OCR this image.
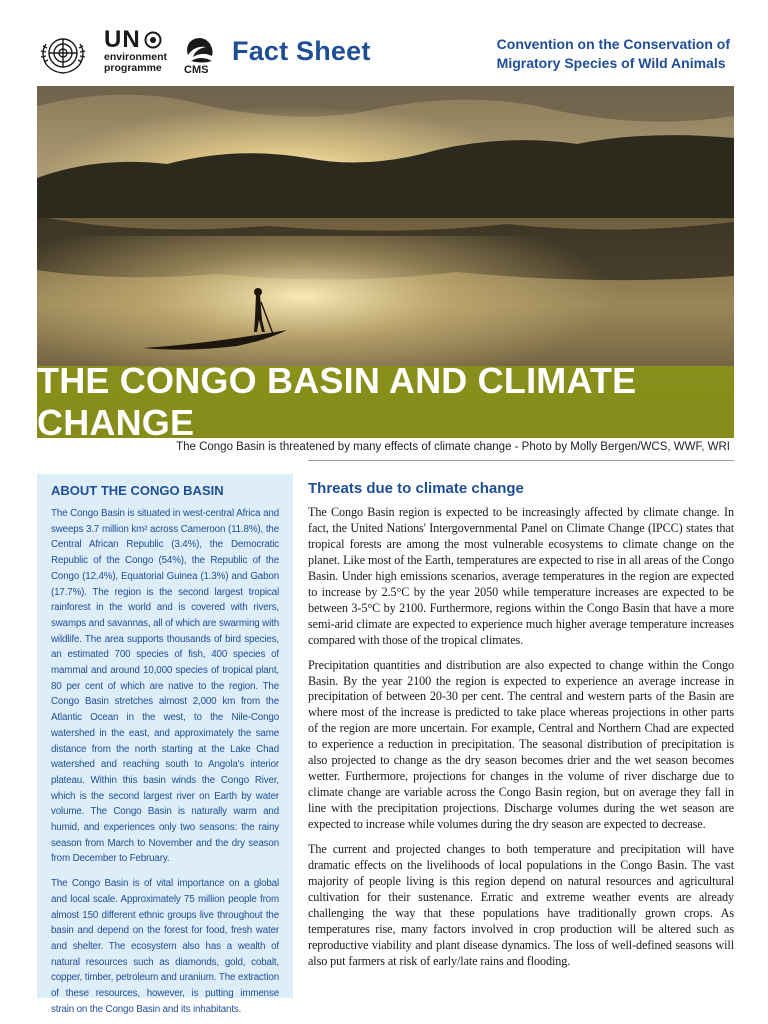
UN
environment
programme	CMS
Fact Sheet	Convention on the Conservation of
Migratory Species of Wild Animals
THE CONGO BASIN AND CLIMATE CHANGE
The Congo Basin is threatened by many effects of climate change - Photo by Molly Bergen/WCS, WWF, WRI
ABOUT THE CONGO BASIN

The Congo Basin is situated in west-central Africa and sweeps 3.7 million km² across Cameroon (11.8%), the Central African Republic (3.4%), the Democratic Republic of the Congo (54%), the Republic of the Congo (12.4%), Equatorial Guinea (1.3%) and Gabon (17.7%). The region is the second largest tropical rainforest in the world and is covered with rivers, swamps and savannas, all of which are swarming with wildlife. The area supports thousands of bird species, an estimated 700 species of fish, 400 species of mammal and around 10,000 species of tropical plant, 80 per cent of which are native to the region. The Congo Basin stretches almost 2,000 km from the Atlantic Ocean in the west, to the Nile-Congo watershed in the east, and approximately the same distance from the north starting at the Lake Chad watershed and reaching south to Angola's interior plateau. Within this basin winds the Congo River, which is the second largest river on Earth by water volume. The Congo Basin is naturally warm and humid, and experiences only two seasons: the rainy season from March to November and the dry season from December to February.

The Congo Basin is of vital importance on a global and local scale. Approximately 75 million people from almost 150 different ethnic groups live throughout the basin and depend on the forest for food, fresh water and shelter. The ecosystem also has a wealth of natural resources such as diamonds, gold, cobalt, copper, timber, petroleum and uranium. The extraction of these resources, however, is putting immense strain on the Congo Basin and its inhabitants.

Threats due to climate change

The Congo Basin region is expected to be increasingly affected by climate change. In fact, the United Nations' Intergovernmental Panel on Climate Change (IPCC) states that tropical forests are among the most vulnerable ecosystems to climate change on the planet. Like most of the Earth, temperatures are expected to rise in all areas of the Congo Basin. Under high emissions scenarios, average temperatures in the region are expected to increase by 2.5°C by the year 2050 while temperature increases are expected to be between 3-5°C by 2100. Furthermore, regions within the Congo Basin that have a more semi-arid climate are expected to experience much higher average temperature increases compared with those of the tropical climates.

Precipitation quantities and distribution are also expected to change within the Congo Basin. By the year 2100 the region is expected to experience an average increase in precipitation of between 20-30 per cent. The central and western parts of the Basin are where most of the increase is predicted to take place whereas projections in other parts of the region are more uncertain. For example, Central and Northern Chad are expected to experience a reduction in precipitation. The seasonal distribution of precipitation is also projected to change as the dry season becomes drier and the wet season becomes wetter. Furthermore, projections for changes in the volume of river discharge due to climate change are variable across the Congo Basin region, but on average they fall in line with the precipitation projections. Discharge volumes during the wet season are expected to increase while volumes during the dry season are expected to decrease.

The current and projected changes to both temperature and precipitation will have dramatic effects on the livelihoods of local populations in the Congo Basin. The vast majority of people living is this region depend on natural resources and agricultural cultivation for their sustenance. Erratic and extreme weather events are already challenging the way that these populations have traditionally grown crops. As temperatures rise, many factors involved in crop production will be altered such as reproductive viability and plant disease dynamics. The loss of well-defined seasons will also put farmers at risk of early/late rains and flooding.
